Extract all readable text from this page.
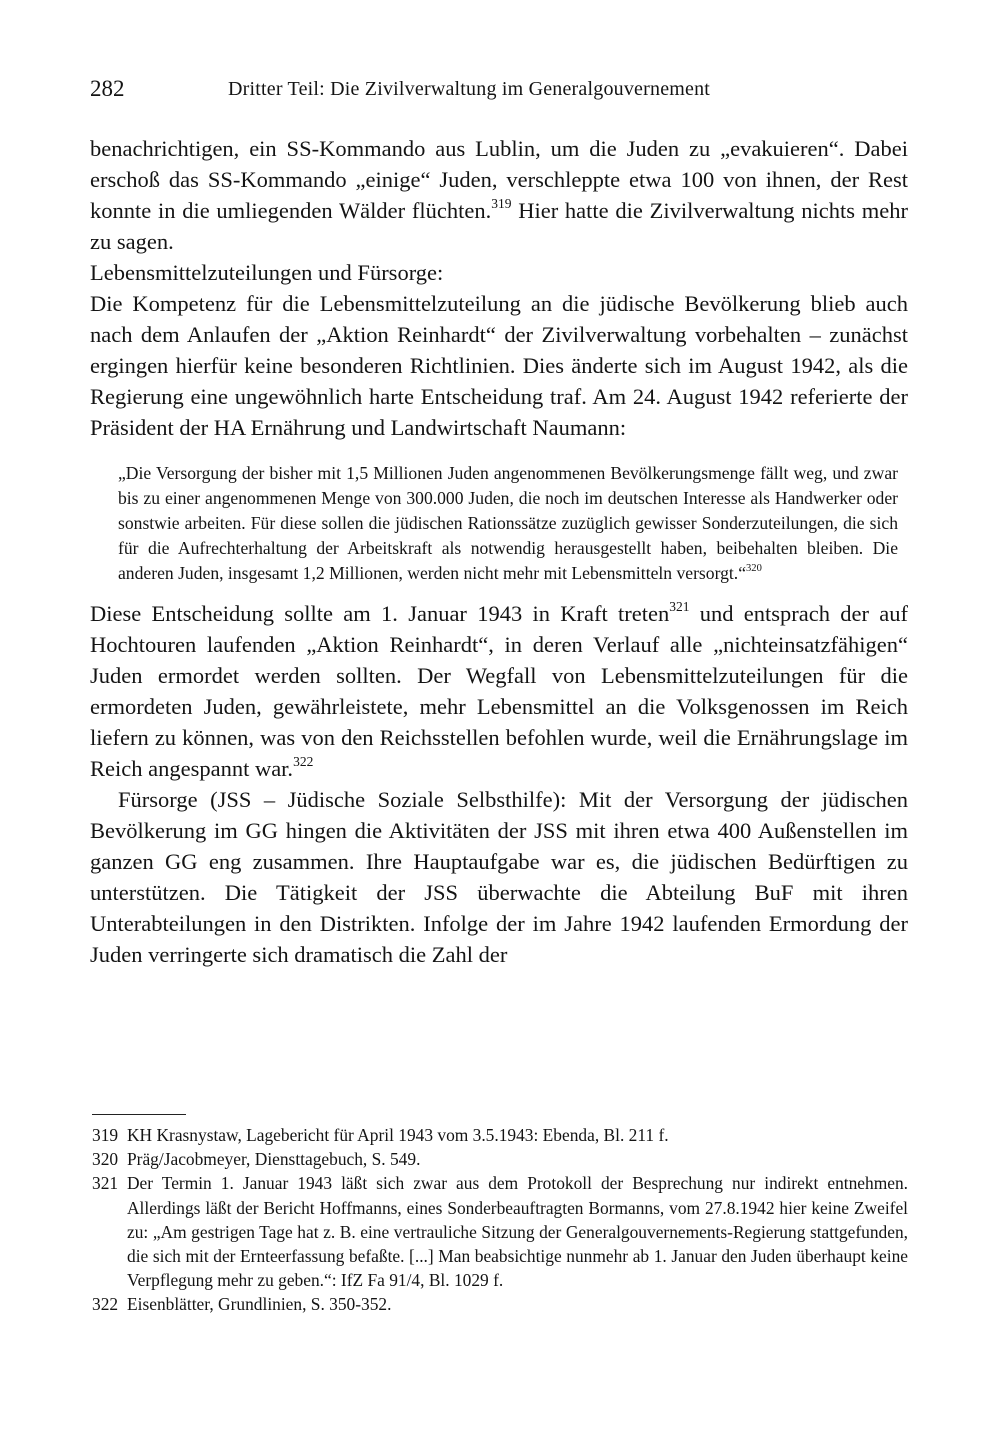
282	Dritter Teil: Die Zivilverwaltung im Generalgouvernement

benachrichtigen, ein SS-Kommando aus Lublin, um die Juden zu „evakuieren“. Dabei erschoß das SS-Kommando „einige“ Juden, verschleppte etwa 100 von ihnen, der Rest konnte in die umliegenden Wälder flüchten.$^{319}$ Hier hatte die Zivilverwaltung nichts mehr zu sagen.

Lebensmittelzuteilungen und Fürsorge:

Die Kompetenz für die Lebensmittelzuteilung an die jüdische Bevölkerung blieb auch nach dem Anlaufen der „Aktion Reinhardt“ der Zivilverwaltung vorbehalten – zunächst ergingen hierfür keine besonderen Richtlinien. Dies änderte sich im August 1942, als die Regierung eine ungewöhnlich harte Entscheidung traf. Am 24. August 1942 referierte der Präsident der HA Ernährung und Landwirtschaft Naumann:

„Die Versorgung der bisher mit 1,5 Millionen Juden angenommenen Bevölkerungsmenge fällt weg, und zwar bis zu einer angenommenen Menge von 300.000 Juden, die noch im deutschen Interesse als Handwerker oder sonstwie arbeiten. Für diese sollen die jüdischen Rationssätze zuzüglich gewisser Sonderzuteilungen, die sich für die Aufrechterhaltung der Arbeitskraft als notwendig herausgestellt haben, beibehalten bleiben. Die anderen Juden, insgesamt 1,2 Millionen, werden nicht mehr mit Lebensmitteln versorgt.“$^{320}$

Diese Entscheidung sollte am 1. Januar 1943 in Kraft treten$^{321}$ und entsprach der auf Hochtouren laufenden „Aktion Reinhardt“, in deren Verlauf alle „nichteinsatzfähigen“ Juden ermordet werden sollten. Der Wegfall von Lebensmittelzuteilungen für die ermordeten Juden, gewährleistete, mehr Lebensmittel an die Volksgenossen im Reich liefern zu können, was von den Reichsstellen befohlen wurde, weil die Ernährungslage im Reich angespannt war.$^{322}$

Fürsorge (JSS – Jüdische Soziale Selbsthilfe): Mit der Versorgung der jüdischen Bevölkerung im GG hingen die Aktivitäten der JSS mit ihren etwa 400 Außenstellen im ganzen GG eng zusammen. Ihre Hauptaufgabe war es, die jüdischen Bedürftigen zu unterstützen. Die Tätigkeit der JSS überwachte die Abteilung BuF mit ihren Unterabteilungen in den Distrikten. Infolge der im Jahre 1942 laufenden Ermordung der Juden verringerte sich dramatisch die Zahl der

319 KH Krasnystaw, Lagebericht für April 1943 vom 3.5.1943: Ebenda, Bl. 211 f.

320 Präg/Jacobmeyer, Diensttagebuch, S. 549.

321 Der Termin 1. Januar 1943 läßt sich zwar aus dem Protokoll der Besprechung nur indirekt entnehmen. Allerdings läßt der Bericht Hoffmanns, eines Sonderbeauftragten Bormanns, vom 27.8.1942 hier keine Zweifel zu: „Am gestrigen Tage hat z. B. eine vertrauliche Sitzung der Generalgouvernements-Regierung stattgefunden, die sich mit der Ernteerfassung befaßte. [...] Man beabsichtige nunmehr ab 1. Januar den Juden überhaupt keine Verpflegung mehr zu geben.“: IfZ Fa 91/4, Bl. 1029 f.

322 Eisenblätter, Grundlinien, S. 350-352.
